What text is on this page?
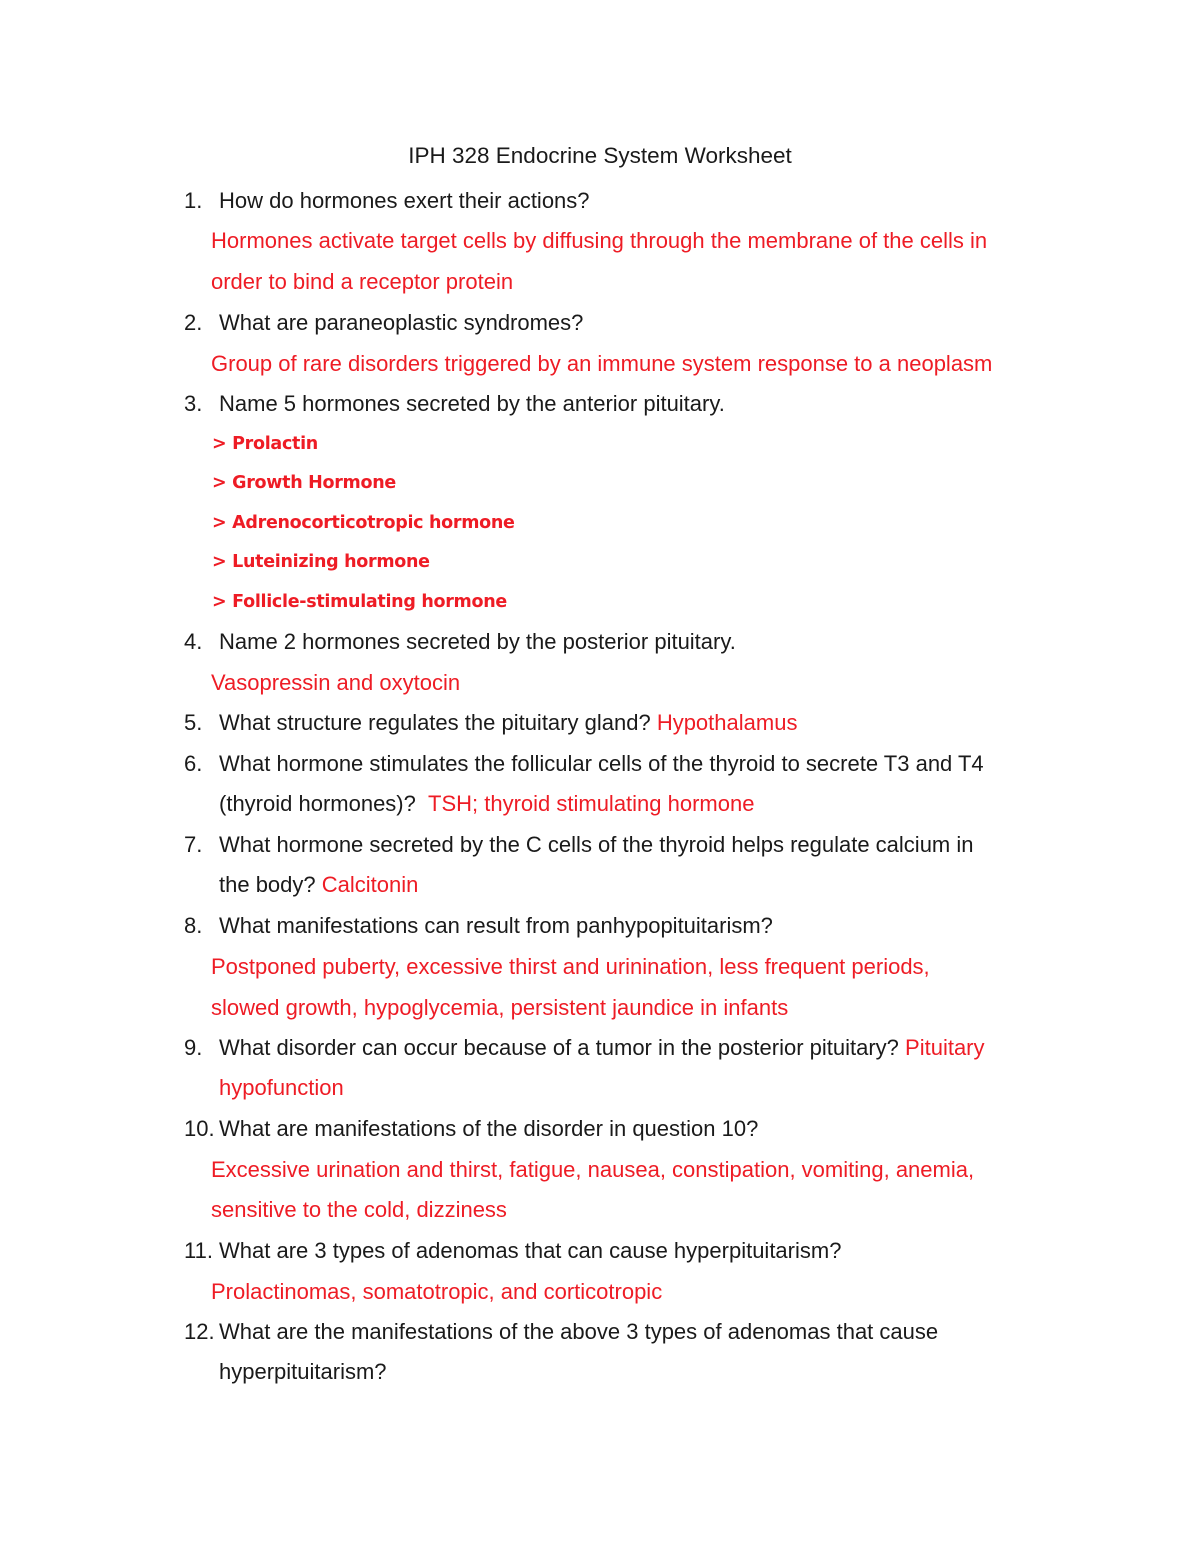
IPH 328 Endocrine System Worksheet
1. How do hormones exert their actions?
Hormones activate target cells by diffusing through the membrane of the cells in
order to bind a receptor protein
2. What are paraneoplastic syndromes?
Group of rare disorders triggered by an immune system response to a neoplasm
3. Name 5 hormones secreted by the anterior pituitary.
> Prolactin
> Growth Hormone
> Adrenocorticotropic hormone
> Luteinizing hormone
> Follicle-stimulating hormone
4. Name 2 hormones secreted by the posterior pituitary.
Vasopressin and oxytocin
5. What structure regulates the pituitary gland? Hypothalamus
6. What hormone stimulates the follicular cells of the thyroid to secrete T3 and T4
(thyroid hormones)? TSH; thyroid stimulating hormone
7. What hormone secreted by the C cells of the thyroid helps regulate calcium in
the body? Calcitonin
8. What manifestations can result from panhypopituitarism?
Postponed puberty, excessive thirst and urinination, less frequent periods,
slowed growth, hypoglycemia, persistent jaundice in infants
9. What disorder can occur because of a tumor in the posterior pituitary? Pituitary
hypofunction
10. What are manifestations of the disorder in question 10?
Excessive urination and thirst, fatigue, nausea, constipation, vomiting, anemia,
sensitive to the cold, dizziness
11. What are 3 types of adenomas that can cause hyperpituitarism?
Prolactinomas, somatotropic, and corticotropic
12. What are the manifestations of the above 3 types of adenomas that cause
hyperpituitarism?
